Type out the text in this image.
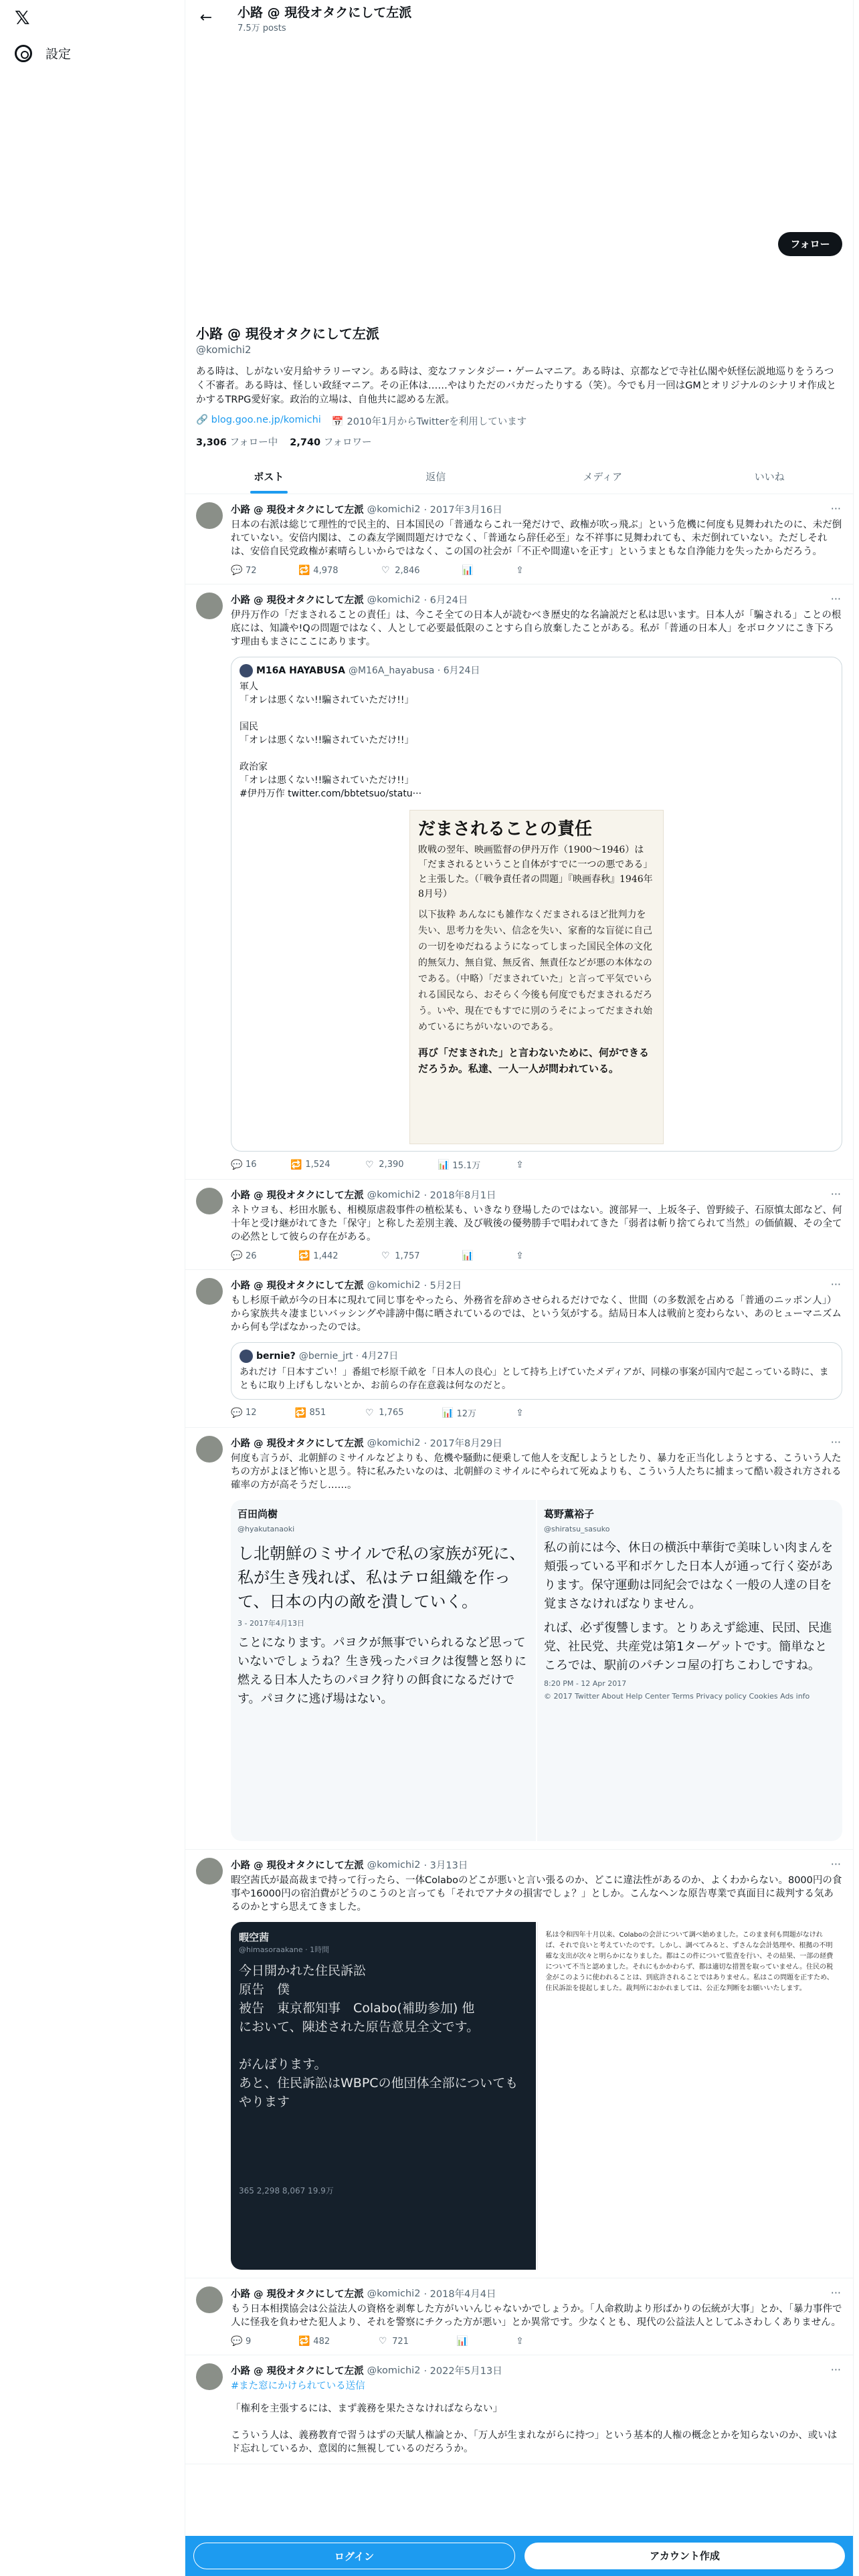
𝕏
設定
←	小路 @ 現役オタクにして左派
7.5万 posts
フォロー
小路 @ 現役オタクにして左派
@komichi2
ある時は、しがない安月給サラリーマン。ある時は、変なファンタジー・ゲームマニア。ある時は、京都などで寺社仏閣や妖怪伝説地巡りをうろつく不審者。ある時は、怪しい政経マニア。その正体は……やはりただのバカだったりする（笑）。今でも月一回はGMとオリジナルのシナリオ作成とかするTRPG愛好家。政治的立場は、自他共に認める左派。
🔗 blog.goo.ne.jp/komichi 📅 2010年1月からTwitterを利用しています
3,306 フォロー中 2,740 フォロワー
ポスト	返信	メディア	いいね
小路 @ 現役オタクにして左派 @komichi2 · 2017年3月16日
日本の右派は総じて理性的で民主的、日本国民の「普通ならこれ一発だけで、政権が吹っ飛ぶ」という危機に何度も見舞われたのに、未だ倒れていない。安倍内閣は、この森友学園問題だけでなく、「普通なら辞任必至」な不祥事に見舞われても、未だ倒れていない。ただしそれは、安倍自民党政権が素晴らしいからではなく、この国の社会が「不正や間違いを正す」というまともな自浄能力を失ったからだろう。
💬 72	🔁 4,978	♡ 2,846	📊	⇪
···
小路 @ 現役オタクにして左派 @komichi2 · 6月24日
伊丹万作の「だまされることの責任」は、今こそ全ての日本人が読むべき歴史的な名論説だと私は思います。日本人が「騙される」ことの根底には、知識や!Qの問題ではなく、人として必要最低限のことすら自ら放棄したことがある。私が「普通の日本人」をボロクソにこき下ろす理由もまさにここにあります。
M16A HAYABUSA @M16A_hayabusa · 6月24日
軍人
「オレは悪くない!!騙されていただけ!!」

国民
「オレは悪くない!!騙されていただけ!!」

政治家
「オレは悪くない!!騙されていただけ!!」
#伊丹万作 twitter.com/bbtetsuo/statu···
だまされることの責任
敗戦の翌年、映画監督の伊丹万作（1900〜1946）は「だまされるということ自体がすでに一つの悪である」と主張した。（「戦争責任者の問題」『映画春秋』1946年8月号）
以下抜粋 あんなにも雑作なくだまされるほど批判力を失い、思考力を失い、信念を失い、家畜的な盲従に自己の一切をゆだねるようになってしまった国民全体の文化的無気力、無自覚、無反省、無責任などが悪の本体なのである。（中略）「だまされていた」と言って平気でいられる国民なら、おそらく今後も何度でもだまされるだろう。いや、現在でもすでに別のうそによってだまされ始めているにちがいないのである。
再び「だまされた」と言わないために、何ができるだろうか。私達、一人一人が問われている。
💬 16	🔁 1,524	♡ 2,390	📊 15.1万	⇪
···
小路 @ 現役オタクにして左派 @komichi2 · 2018年8月1日
ネトウヨも、杉田水脈も、相模原虐殺事件の植松某も、いきなり登場したのではない。渡部昇一、上坂冬子、曽野綾子、石原慎太郎など、何十年と受け継がれてきた「保守」と称した差別主義、及び戦後の優勢勝手で唱われてきた「弱者は斬り捨てられて当然」の価値観、その全ての必然として彼らの存在がある。
💬 26	🔁 1,442	♡ 1,757	📊	⇪
···
小路 @ 現役オタクにして左派 @komichi2 · 5月2日
もし杉原千畝が今の日本に現れて同じ事をやったら、外務省を辞めさせられるだけでなく、世間（の多数派を占める「普通のニッポン人」）から家族共々凄まじいバッシングや誹謗中傷に晒されているのでは、という気がする。結局日本人は戦前と変わらない、あのヒューマニズムから何も学ばなかったのでは。
bernie? @bernie_jrt · 4月27日
あれだけ「日本すごい！」番組で杉原千畝を「日本人の良心」として持ち上げていたメディアが、同様の事案が国内で起こっている時に、まともに取り上げもしないとか、お前らの存在意義は何なのだと。
💬 12	🔁 851	♡ 1,765	📊 12万	⇪
···
小路 @ 現役オタクにして左派 @komichi2 · 2017年8月29日
何度も言うが、北朝鮮のミサイルなどよりも、危機や騒動に便乗して他人を支配しようとしたり、暴力を正当化しようとする、こういう人たちの方がよほど怖いと思う。特に私みたいなのは、北朝鮮のミサイルにやられて死ぬよりも、こういう人たちに捕まって酷い殺され方される確率の方が高そうだし……。
百田尚樹
@hyakutanaoki
し北朝鮮のミサイルで私の家族が死に、私が生き残れば、私はテロ組織を作って、日本の内の敵を潰していく。
3 - 2017年4月13日
ことになります。パヨクが無事でいられるなど思っていないでしょうね？生き残ったパヨクは復讐と怒りに燃える日本人たちのパヨク狩りの餌食になるだけです。パヨクに逃げ場はない。
葛野薫裕子
@shiratsu_sasuko
私の前には今、休日の横浜中華街で美味しい肉まんを頬張っている平和ボケした日本人が通って行く姿があります。保守運動は同紀会ではなく一般の人達の目を覚まさなければなりません。
れば、必ず復讐します。とりあえず総連、民団、民進党、社民党、共産党は第1ターゲットです。簡単なところでは、駅前のパチンコ屋の打ちこわしですね。
8:20 PM - 12 Apr 2017
© 2017 Twitter About Help Center Terms Privacy policy Cookies Ads info
···
小路 @ 現役オタクにして左派 @komichi2 · 3月13日
暇空茜氏が最高裁まで持って行ったら、一体Colaboのどこが悪いと言い張るのか、どこに違法性があるのか、よくわからない。8000円の食事や16000円の宿泊費がどうのこうのと言っても「それでアナタの損害でしょ？」としか。こんなヘンな原告専業で真面目に裁判する気あるのかとすら思えてきました。
暇空茜
@himasoraakane · 1時間
今日開かれた住民訴訟
原告　僕
被告　東京都知事　Colabo(補助参加) 他
において、陳述された原告意見全文です。

がんばります。
あと、住民訴訟はWBPCの他団体全部についてもやります
365 2,298 8,067 19.9万
私は令和四年十月以来、Colaboの会計について調べ始めました。このまま何も問題がなければ、それで良いと考えていたのです。しかし、調べてみると、ずさんな会計処理や、根拠の不明確な支出が次々と明らかになりました。都はこの件について監査を行い、その結果、一部の経費について不当と認めました。それにもかかわらず、都は適切な措置を取っていません。住民の税金がこのように使われることは、到底許されることではありません。私はこの問題を正すため、住民訴訟を提起しました。裁判所におかれましては、公正な判断をお願いいたします。
···
小路 @ 現役オタクにして左派 @komichi2 · 2018年4月4日
もう日本相撲協会は公益法人の資格を剥奪した方がいいんじゃないかでしょうか。「人命救助より形ばかりの伝統が大事」とか、「暴力事件で人に怪我を負わせた犯人より、それを警察にチクった方が悪い」とか異常です。少なくとも、現代の公益法人としてふさわしくありません。
💬 9	🔁 482	♡ 721	📊	⇪
···
小路 @ 現役オタクにして左派 @komichi2 · 2022年5月13日
#また窓にかけられている送信
「権利を主張するには、まず義務を果たさなければならない」

こういう人は、義務教育で習うはずの天賦人権論とか、「万人が生まれながらに持つ」という基本的人権の概念とかを知らないのか、或いはド忘れしているか、意図的に無視しているのだろうか。
···
ログイン	アカウント作成
